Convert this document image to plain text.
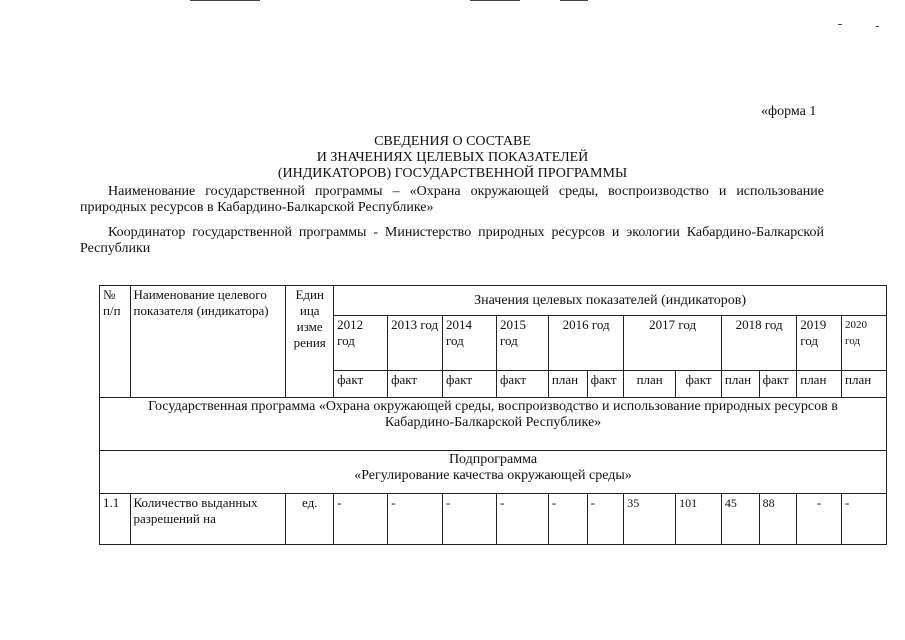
«форма 1
СВЕДЕНИЯ О СОСТАВЕ
И ЗНАЧЕНИЯХ ЦЕЛЕВЫХ ПОКАЗАТЕЛЕЙ
(ИНДИКАТОРОВ) ГОСУДАРСТВЕННОЙ ПРОГРАММЫ
Наименование государственной программы – «Охрана окружающей среды, воспроизводство и использование природных ресурсов в Кабардино-Балкарской Республике»
Координатор государственной программы - Министерство природных ресурсов и экологии Кабардино-Балкарской Республики
№ п/п	Наименование целевого показателя (индикатора)	Един ица изме рения	Значения целевых показателей (индикаторов)											
			2012 год	2013 год	2014 год	2015 год	2016 год		2017 год		2018 год		2019 год	2020 год
			факт	факт	факт	факт	план	факт	план	факт	план	факт	план	план
Государственная программа «Охрана окружающей среды, воспроизводство и использование природных ресурсов в Кабардино-Балкарской Республике»														

Подпрограмма
«Регулирование качества окружающей среды»														

1.1	Количество выданных разрешений на	ед.	-	-	-	-	-	-	35	101	45	88	-	-
